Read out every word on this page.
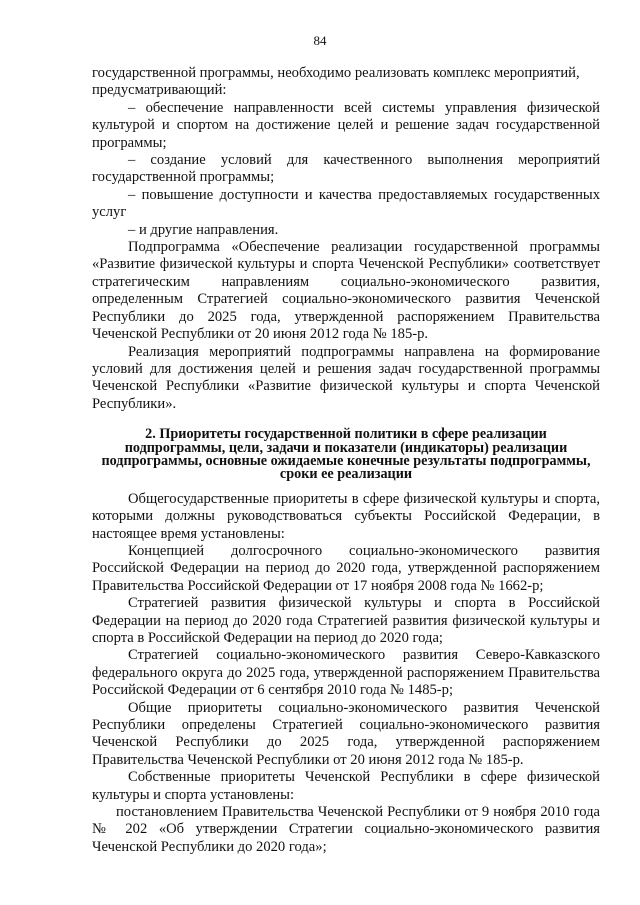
84

государственной программы, необходимо реализовать комплекс мероприятий, предусматривающий:

– обеспечение направленности всей системы управления физической культурой и спортом на достижение целей и решение задач государственной программы;

– создание условий для качественного выполнения мероприятий государственной программы;

– повышение доступности и качества предоставляемых государственных услуг

– и другие направления.

Подпрограмма «Обеспечение реализации государственной программы «Развитие физической культуры и спорта Чеченской Республики» соответствует стратегическим направлениям социально-экономического развития, определенным Стратегией социально-экономического развития Чеченской Республики до 2025 года, утвержденной распоряжением Правительства Чеченской Республики от 20 июня 2012 года № 185-р.

Реализация мероприятий подпрограммы направлена на формирование условий для достижения целей и решения задач государственной программы Чеченской Республики «Развитие физической культуры и спорта Чеченской Республики».

2. Приоритеты государственной политики в сфере реализации подпрограммы, цели, задачи и показатели (индикаторы) реализации подпрограммы, основные ожидаемые конечные результаты подпрограммы, сроки ее реализации

Общегосударственные приоритеты в сфере физической культуры и спорта, которыми должны руководствоваться субъекты Российской Федерации, в настоящее время установлены:

Концепцией долгосрочного социально-экономического развития Российской Федерации на период до 2020 года, утвержденной распоряжением Правительства Российской Федерации от 17 ноября 2008 года № 1662-р;

Стратегией развития физической культуры и спорта в Российской Федерации на период до 2020 года Стратегией развития физической культуры и спорта в Российской Федерации на период до 2020 года;

Стратегией социально-экономического развития Северо-Кавказского федерального округа до 2025 года, утвержденной распоряжением Правительства Российской Федерации от 6 сентября 2010 года № 1485-р;

Общие приоритеты социально-экономического развития Чеченской Республики определены Стратегией социально-экономического развития Чеченской Республики до 2025 года, утвержденной распоряжением Правительства Чеченской Республики от 20 июня 2012 года № 185-р.

Собственные приоритеты Чеченской Республики в сфере физической культуры и спорта установлены:

постановлением Правительства Чеченской Республики от 9 ноября 2010 года № 202 «Об утверждении Стратегии социально-экономического развития Чеченской Республики до 2020 года»;
